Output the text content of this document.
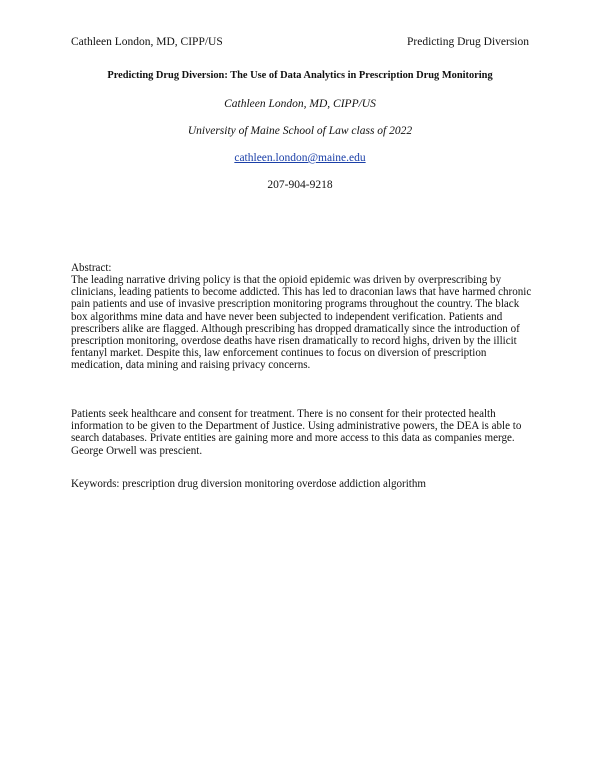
Cathleen London, MD, CIPP/US	Predicting Drug Diversion
Predicting Drug Diversion: The Use of Data Analytics in Prescription Drug Monitoring
Cathleen London, MD, CIPP/US
University of Maine School of Law class of 2022
cathleen.london@maine.edu
207-904-9218

Abstract:

The leading narrative driving policy is that the opioid epidemic was driven by overprescribing by clinicians, leading patients to become addicted. This has led to draconian laws that have harmed chronic pain patients and use of invasive prescription monitoring programs throughout the country. The black box algorithms mine data and have never been subjected to independent verification. Patients and prescribers alike are flagged. Although prescribing has dropped dramatically since the introduction of prescription monitoring, overdose deaths have risen dramatically to record highs, driven by the illicit fentanyl market. Despite this, law enforcement continues to focus on diversion of prescription medication, data mining and raising privacy concerns.

Patients seek healthcare and consent for treatment. There is no consent for their protected health information to be given to the Department of Justice. Using administrative powers, the DEA is able to search databases. Private entities are gaining more and more access to this data as companies merge. George Orwell was prescient.

Keywords: prescription drug diversion monitoring overdose addiction algorithm
